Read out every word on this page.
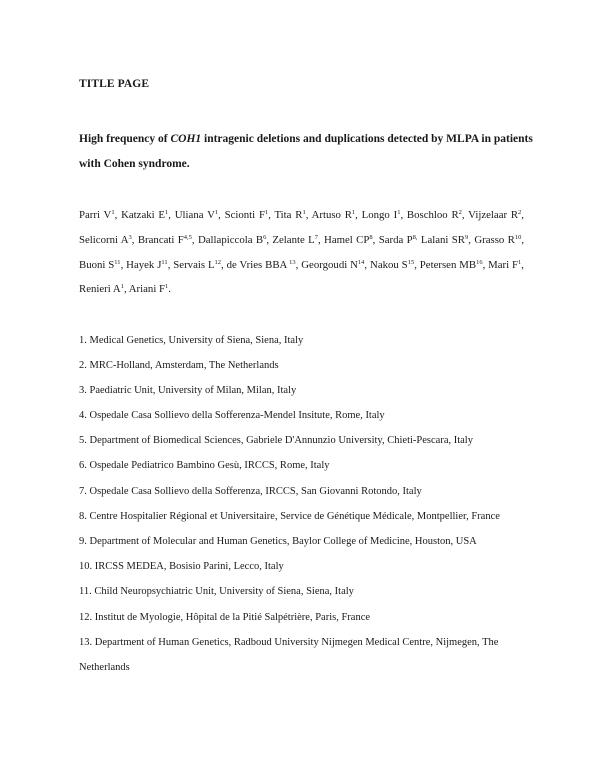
TITLE PAGE
High frequency of COH1 intragenic deletions and duplications detected by MLPA in patients
with Cohen syndrome.
Parri $V^1$, Katzaki $E^1$, Uliana $V^1$, Scionti $F^1$, Tita $R^1$, Artuso $R^1$, Longo $I^1$, Boschloo $R^2$, Vijzelaar $R^2$, Selicorni $A^3$, Brancati F$^{4,5}$, Dallapiccola $B^6$, Zelante $L^7$, Hamel $CP^8$, Sarda $P^{8,}$ Lalani $SR^9$, Grasso $R^{10}$, Buoni $S^{11}$, Hayek $J^{11}$, Servais $L^{12}$, de Vries BBA $^{13}$, Georgoudi $N^{14}$, Nakou $S^{15}$, Petersen MB$^{16}$, Mari $F^1$, Renieri $A^1$, Ariani $F^1$.
1. Medical Genetics, University of Siena, Siena, Italy
2. MRC-Holland, Amsterdam, The Netherlands
3. Paediatric Unit, University of Milan, Milan, Italy
4. Ospedale Casa Sollievo della Sofferenza-Mendel Insitute, Rome, Italy
5. Department of Biomedical Sciences, Gabriele D'Annunzio University, Chieti-Pescara, Italy
6. Ospedale Pediatrico Bambino Gesù, IRCCS, Rome, Italy
7. Ospedale Casa Sollievo della Sofferenza, IRCCS, San Giovanni Rotondo, Italy
8. Centre Hospitalier Régional et Universitaire, Service de Génétique Médicale, Montpellier, France
9. Department of Molecular and Human Genetics, Baylor College of Medicine, Houston, USA
10. IRCSS MEDEA, Bosisio Parini, Lecco, Italy
11. Child Neuropsychiatric Unit, University of Siena, Siena, Italy
12. Institut de Myologie, Hôpital de la Pitié Salpétrière, Paris, France
13. Department of Human Genetics, Radboud University Nijmegen Medical Centre, Nijmegen, The Netherlands
